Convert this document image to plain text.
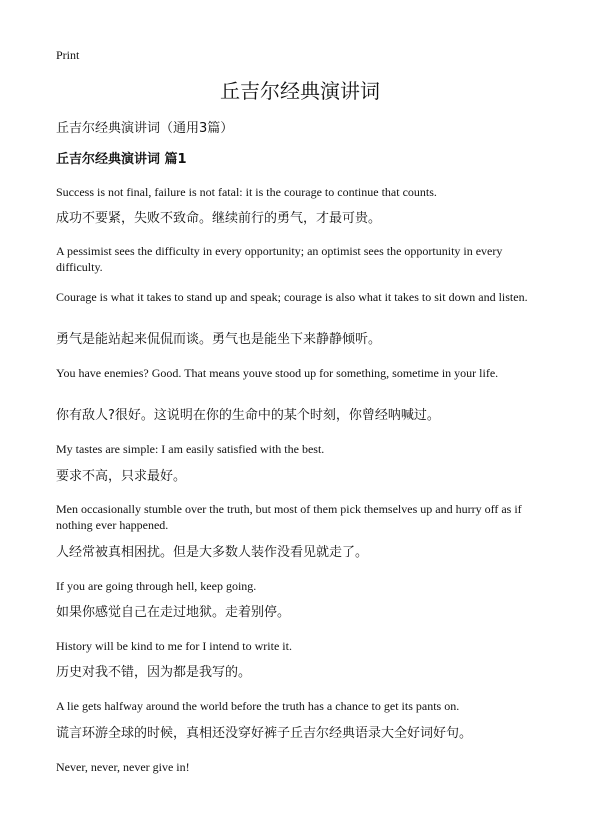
Print
丘吉尔经典演讲词
丘吉尔经典演讲词（通用3篇）
丘吉尔经典演讲词 篇1

Success is not final, failure is not fatal: it is the courage to continue that counts.

成功不要紧，失败不致命。继续前行的勇气，才最可贵。

A pessimist sees the difficulty in every opportunity; an optimist sees the opportunity in every difficulty.

Courage is what it takes to stand up and speak; courage is also what it takes to sit down and listen.

勇气是能站起来侃侃而谈。勇气也是能坐下来静静倾听。

You have enemies? Good. That means youve stood up for something, sometime in your life.

你有敌人?很好。这说明在你的生命中的某个时刻，你曾经呐喊过。

My tastes are simple: I am easily satisfied with the best.

要求不高，只求最好。

Men occasionally stumble over the truth, but most of them pick themselves up and hurry off as if nothing ever happened.

人经常被真相困扰。但是大多数人装作没看见就走了。

If you are going through hell, keep going.

如果你感觉自己在走过地狱。走着别停。

History will be kind to me for I intend to write it.

历史对我不错，因为都是我写的。

A lie gets halfway around the world before the truth has a chance to get its pants on.

谎言环游全球的时候，真相还没穿好裤子丘吉尔经典语录大全好词好句。

Never, never, never give in!
